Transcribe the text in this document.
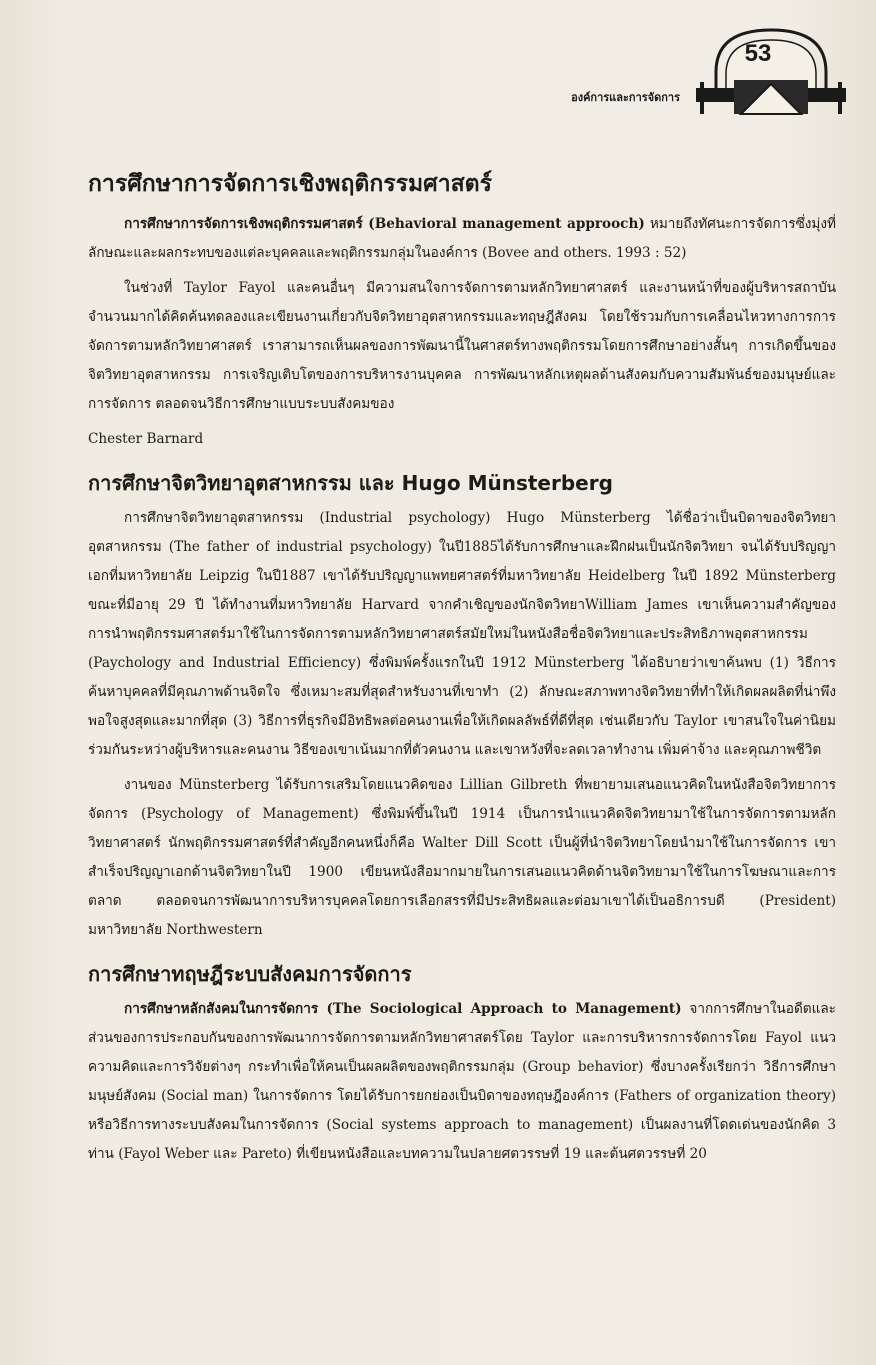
53
องค์การและการจัดการ
การศึกษาการจัดการเชิงพฤติกรรมศาสตร์

การศึกษาการจัดการเชิงพฤติกรรมศาสตร์ (Behavioral management approoch) หมายถึงทัศนะการจัดการซึ่งมุ่งที่ลักษณะและผลกระทบของแต่ละบุคคลและพฤติกรรมกลุ่มในองค์การ (Bovee and others. 1993 : 52)

ในช่วงที่ Taylor Fayol และคนอื่นๆ มีความสนใจการจัดการตามหลักวิทยาศาสตร์ และงานหน้าที่ของผู้บริหารสถาบันจำนวนมากได้คิดค้นทดลองและเขียนงานเกี่ยวกับจิตวิทยาอุตสาหกรรมและทฤษฎีสังคม โดยใช้รวมกับการเคลื่อนไหวทางการการจัดการตามหลักวิทยาศาสตร์ เราสามารถเห็นผลของการพัฒนานี้ในศาสตร์ทางพฤติกรรมโดยการศึกษาอย่างสั้นๆ การเกิดขึ้นของจิตวิทยาอุตสาหกรรม การเจริญเติบโตของการบริหารงานบุคคล การพัฒนาหลักเหตุผลด้านสังคมกับความสัมพันธ์ของมนุษย์และการจัดการ ตลอดจนวิธีการศึกษาแบบระบบสังคมของ

Chester Barnard

การศึกษาจิตวิทยาอุตสาหกรรม และ Hugo Münsterberg

การศึกษาจิตวิทยาอุตสาหกรรม (Industrial psychology) Hugo Münsterberg ได้ชื่อว่าเป็นบิดาของจิตวิทยาอุตสาหกรรม (The father of industrial psychology) ในปี1885ได้รับการศึกษาและฝึกฝนเป็นนักจิตวิทยา จนได้รับปริญญาเอกที่มหาวิทยาลัย Leipzig ในปี1887 เขาได้รับปริญญาแพทยศาสตร์ที่มหาวิทยาลัย Heidelberg ในปี 1892 Münsterberg ขณะที่มีอายุ 29 ปี ได้ทำงานที่มหาวิทยาลัย Harvard จากคำเชิญของนักจิตวิทยาWilliam James เขาเห็นความสำคัญของการนำพฤติกรรมศาสตร์มาใช้ในการจัดการตามหลักวิทยาศาสตร์สมัยใหม่ในหนังสือชื่อจิตวิทยาและประสิทธิภาพอุตสาหกรรม (Paychology and Industrial Efficiency) ซึ่งพิมพ์ครั้งแรกในปี 1912 Münsterberg ได้อธิบายว่าเขาค้นพบ (1) วิธีการค้นหาบุคคลที่มีคุณภาพด้านจิตใจ ซึ่งเหมาะสมที่สุดสำหรับงานที่เขาทำ (2) ลักษณะสภาพทางจิตวิทยาที่ทำให้เกิดผลผลิตที่น่าพึงพอใจสูงสุดและมากที่สุด (3) วิธีการที่ธุรกิจมีอิทธิพลต่อคนงานเพื่อให้เกิดผลลัพธ์ที่ดีที่สุด เช่นเดียวกับ Taylor เขาสนใจในค่านิยมร่วมกันระหว่างผู้บริหารและคนงาน วิธีของเขาเน้นมากที่ตัวคนงาน และเขาหวังที่จะลดเวลาทำงาน เพิ่มค่าจ้าง และคุณภาพชีวิต

งานของ Münsterberg ได้รับการเสริมโดยแนวคิดของ Lillian Gilbreth ที่พยายามเสนอแนวคิดในหนังสือจิตวิทยาการจัดการ (Psychology of Management) ซึ่งพิมพ์ขึ้นในปี 1914 เป็นการนำแนวคิดจิตวิทยามาใช้ในการจัดการตามหลักวิทยาศาสตร์ นักพฤติกรรมศาสตร์ที่สำคัญอีกคนหนึ่งก็คือ Walter Dill Scott เป็นผู้ที่นำจิตวิทยาโดยนำมาใช้ในการจัดการ เขาสำเร็จปริญญาเอกด้านจิตวิทยาในปี 1900 เขียนหนังสือมากมายในการเสนอแนวคิดด้านจิตวิทยามาใช้ในการโฆษณาและการตลาด ตลอดจนการพัฒนาการบริหารบุคคลโดยการเลือกสรรที่มีประสิทธิผลและต่อมาเขาได้เป็นอธิการบดี (President) มหาวิทยาลัย Northwestern

การศึกษาทฤษฎีระบบสังคมการจัดการ

การศึกษาหลักสังคมในการจัดการ (The Sociological Approach to Management) จากการศึกษาในอดีตและส่วนของการประกอบกันของการพัฒนาการจัดการตามหลักวิทยาศาสตร์โดย Taylor และการบริหารการจัดการโดย Fayol แนวความคิดและการวิจัยต่างๆ กระทำเพื่อให้คนเป็นผลผลิตของพฤติกรรมกลุ่ม (Group behavior) ซึ่งบางครั้งเรียกว่า วิธีการศึกษามนุษย์สังคม (Social man) ในการจัดการ โดยได้รับการยกย่องเป็นบิดาของทฤษฎีองค์การ (Fathers of organization theory) หรือวิธีการทางระบบสังคมในการจัดการ (Social systems approach to management) เป็นผลงานที่โดดเด่นของนักคิด 3 ท่าน (Fayol Weber และ Pareto) ที่เขียนหนังสือและบทความในปลายศตวรรษที่ 19 และต้นศตวรรษที่ 20
